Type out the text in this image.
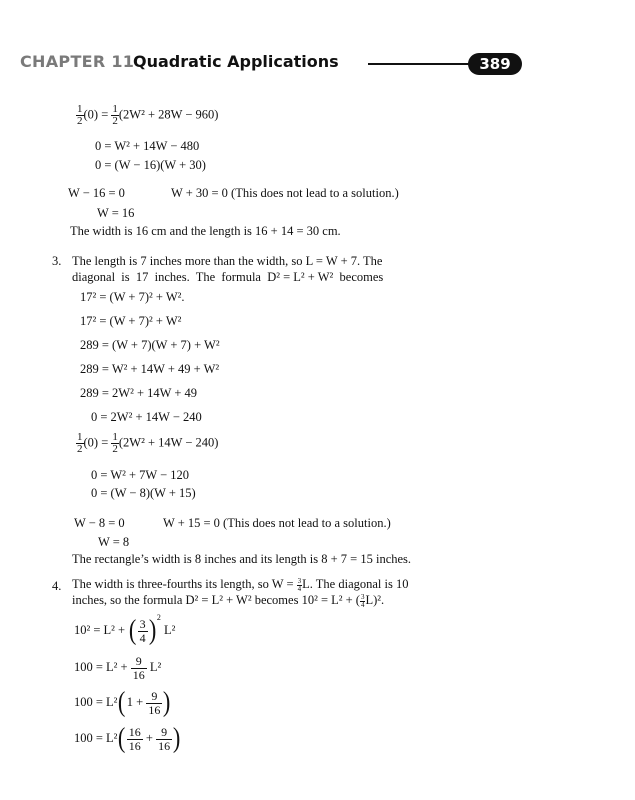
CHAPTER 11
Quadratic Applications	389
$\frac{1}{2} (0) = \frac{1}{2} (2W^2 + 28W - 960)$
0 = W² + 14W − 480
0 = (W − 16)(W + 30)
W − 16 = 0	W + 30 = 0 (This does not lead to a solution.)
W = 16
The width is 16 cm and the length is 16 + 14 = 30 cm.
3. The length is 7 inches more than the width, so L = W + 7. The
diagonal  is  17  inches.  The  formula  D² = L² + W²  becomes
17² = (W + 7)² + W².
17² = (W + 7)² + W²
289 = (W + 7)(W + 7) + W²
289 = W² + 14W + 49 + W²
289 = 2W² + 14W + 49
0 = 2W² + 14W − 240
$\frac{1}{2} (0) = \frac{1}{2} (2W^2 + 14W - 240)$
0 = W² + 7W − 120
0 = (W − 8)(W + 15)
W − 8 = 0	W + 15 = 0 (This does not lead to a solution.)
W = 8
The rectangle’s width is 8 inches and its length is 8 + 7 = 15 inches.
4. The width is three-fourths its length, so $W = \frac{3}{4} L$. The diagonal is 10
inches, so the formula D² = L² + W² becomes 10² = L² + ( $\frac{3}{4} L)^2$.
10² = L² + ( $\frac{3}{4} )^2$ L²
$100 = L^2 + \frac{9}{16} L^2$
$100 = L^2(1 + \frac{9}{16}$ )
$100 = L^2( \frac{16}{16} + \frac{9}{16}$ )
